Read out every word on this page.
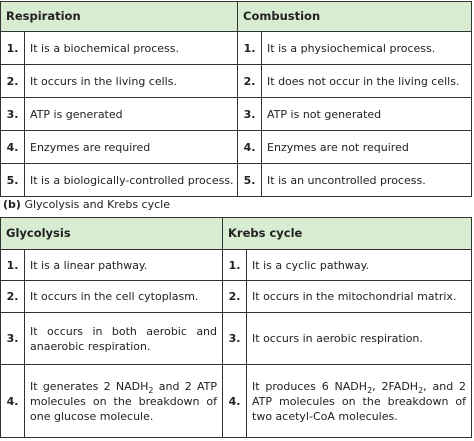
Respiration		Combustion	
1.	It is a biochemical process.	1.	It is a physiochemical process.
2.	It occurs in the living cells.	2.	It does not occur in the living cells.
3.	ATP is generated	3.	ATP is not generated
4.	Enzymes are required	4.	Enzymes are not required
5.	It is a biologically-controlled process.	5.	It is an uncontrolled process.
(b) Glycolysis and Krebs cycle
Glycolysis		Krebs cycle	
1.	It is a linear pathway.	1.	It is a cyclic pathway.
2.	It occurs in the cell cytoplasm.	2.	It occurs in the mitochondrial matrix.
3.	It occurs in both aerobic and anaerobic respiration.	3.	It occurs in aerobic respiration.
4.	It generates 2 $NADH_2$ and 2 ATP molecules on the breakdown of one glucose molecule.	4.	It produces 6 $NADH_2$, $2FADH_2$, and 2 ATP molecules on the breakdown of two acetyl-CoA molecules.
